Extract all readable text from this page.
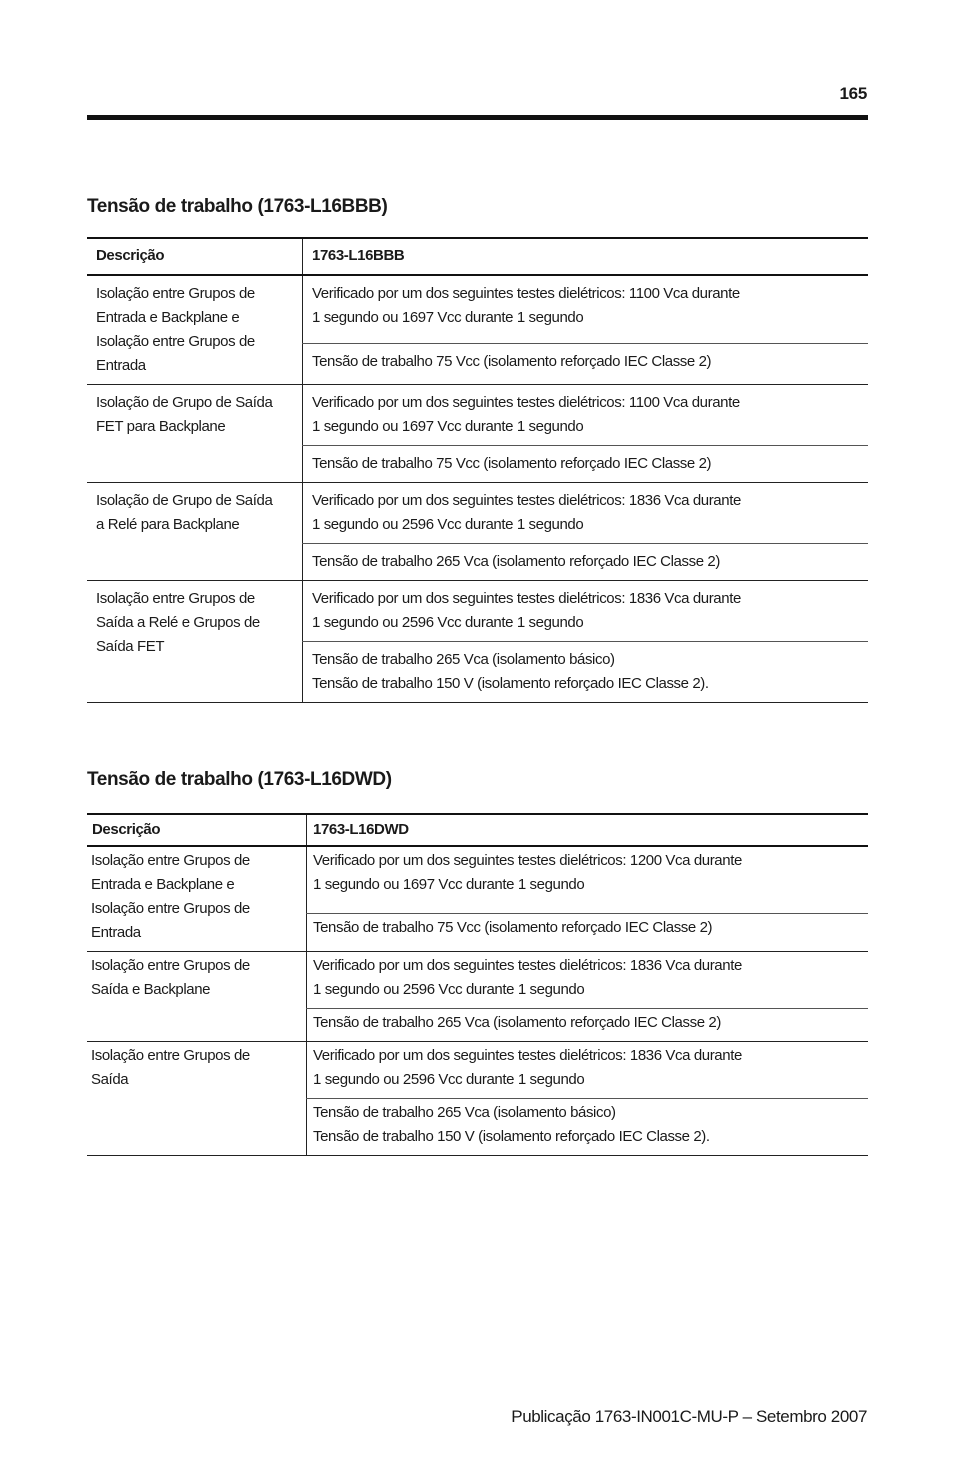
165
Tensão de trabalho (1763-L16BBB)
Descrição	1763-L16BBB

Isolação entre Grupos de
Entrada e Backplane e
Isolação entre Grupos de
Entrada	Verificado por um dos seguintes testes dielétricos: 1100 Vca durante
1 segundo ou 1697 Vcc durante 1 segundo

	Tensão de trabalho 75 Vcc (isolamento reforçado IEC Classe 2)

Isolação de Grupo de Saída
FET para Backplane	Verificado por um dos seguintes testes dielétricos: 1100 Vca durante
1 segundo ou 1697 Vcc durante 1 segundo

	Tensão de trabalho 75 Vcc (isolamento reforçado IEC Classe 2)

Isolação de Grupo de Saída
a Relé para Backplane	Verificado por um dos seguintes testes dielétricos: 1836 Vca durante
1 segundo ou 2596 Vcc durante 1 segundo

	Tensão de trabalho 265 Vca (isolamento reforçado IEC Classe 2)

Isolação entre Grupos de
Saída a Relé e Grupos de
Saída FET	Verificado por um dos seguintes testes dielétricos: 1836 Vca durante
1 segundo ou 2596 Vcc durante 1 segundo

	Tensão de trabalho 265 Vca (isolamento básico)
Tensão de trabalho 150 V (isolamento reforçado IEC Classe 2).
Tensão de trabalho (1763-L16DWD)
Descrição	1763-L16DWD

Isolação entre Grupos de
Entrada e Backplane e
Isolação entre Grupos de
Entrada	Verificado por um dos seguintes testes dielétricos: 1200 Vca durante
1 segundo ou 1697 Vcc durante 1 segundo

	Tensão de trabalho 75 Vcc (isolamento reforçado IEC Classe 2)

Isolação entre Grupos de
Saída e Backplane	Verificado por um dos seguintes testes dielétricos: 1836 Vca durante
1 segundo ou 2596 Vcc durante 1 segundo

	Tensão de trabalho 265 Vca (isolamento reforçado IEC Classe 2)

Isolação entre Grupos de
Saída	Verificado por um dos seguintes testes dielétricos: 1836 Vca durante
1 segundo ou 2596 Vcc durante 1 segundo

	Tensão de trabalho 265 Vca (isolamento básico)
Tensão de trabalho 150 V (isolamento reforçado IEC Classe 2).
Publicação 1763-IN001C-MU-P – Setembro 2007
